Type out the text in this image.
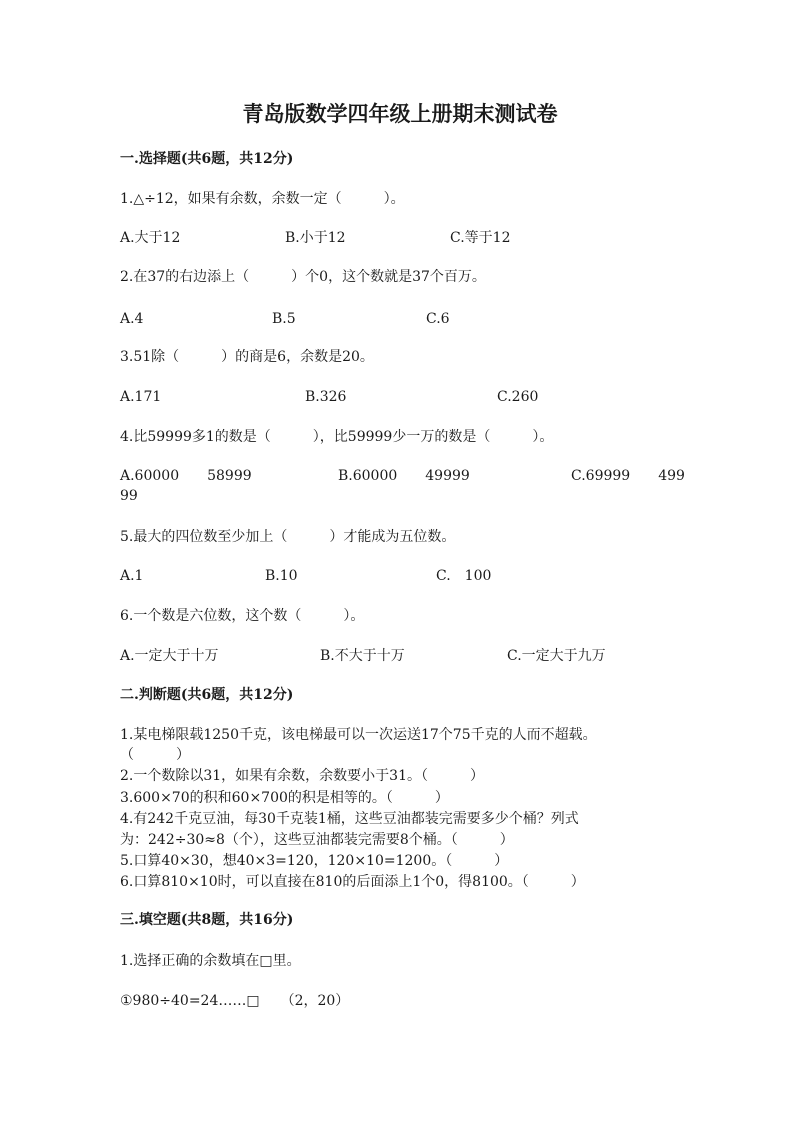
青岛版数学四年级上册期末测试卷
一.选择题(共6题，共12分)
1.△÷12，如果有余数，余数一定（　　　）。
A.大于12	B.小于12	C.等于12
2.在37的右边添上（　　　）个0，这个数就是37个百万。
A.4	B.5	C.6
3.51除（　　　）的商是6，余数是20。
A.171	B.326	C.260
4.比59999多1的数是（　　　），比59999少一万的数是（　　　）。
A.60000　　58999	B.60000　　49999	C.69999　　499
99
5.最大的四位数至少加上（　　　）才能成为五位数。
A.1	B.10	C.　100
6.一个数是六位数，这个数（　　　）。
A.一定大于十万	B.不大于十万	C.一定大于九万
二.判断题(共6题，共12分)
1.某电梯限载1250千克，该电梯最可以一次运送17个75千克的人而不超载。
（　　　）
2.一个数除以31，如果有余数，余数要小于31。（　　　）
3.600×70的积和60×700的积是相等的。（　　　）
4.有242千克豆油，每30千克装1桶，这些豆油都装完需要多少个桶？列式
为：242÷30≈8（个），这些豆油都装完需要8个桶。（　　　）
5.口算40×30，想40×3=120，120×10=1200。（　　　）
6.口算810×10时，可以直接在810的后面添上1个0，得8100。（　　　）
三.填空题(共8题，共16分)
1.选择正确的余数填在□里。
①980÷40=24……□　　（2，20）
